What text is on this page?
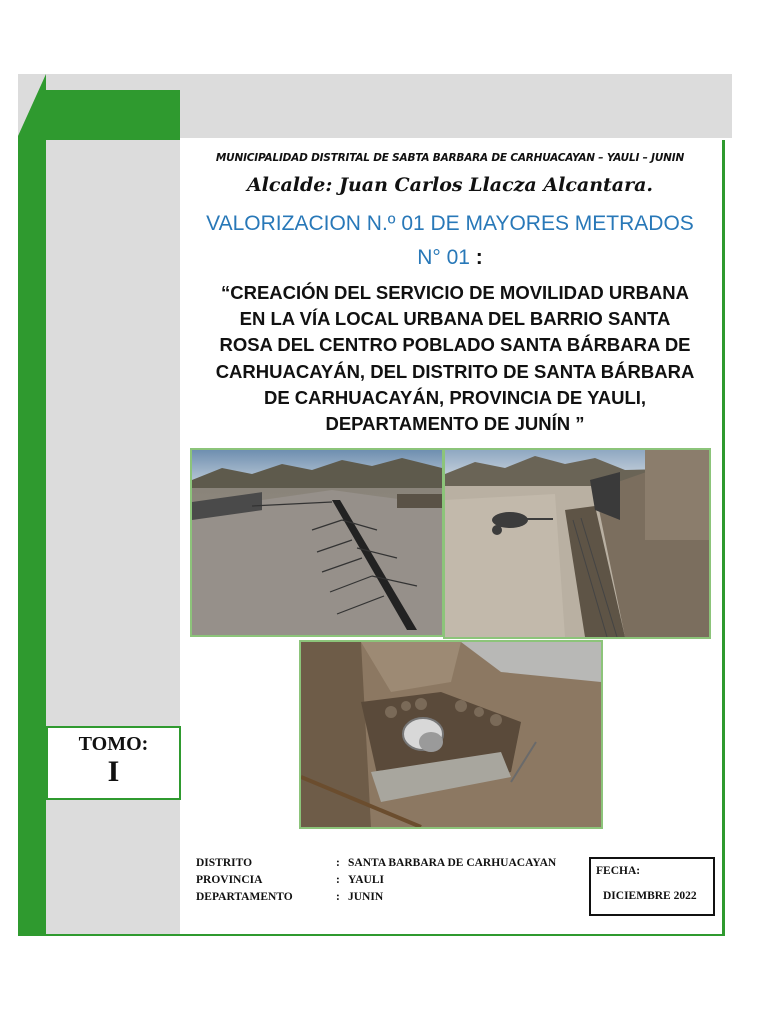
MUNICIPALIDAD DISTRITAL DE SABTA BARBARA DE CARHUACAYAN – YAULI – JUNIN
Alcalde: Juan Carlos Llacza Alcantara.
VALORIZACION N.º 01 DE MAYORES METRADOS
N° 01 :
“CREACIÓN DEL SERVICIO DE MOVILIDAD URBANA
EN LA VÍA LOCAL URBANA DEL BARRIO SANTA
ROSA DEL CENTRO POBLADO SANTA BÁRBARA DE
CARHUACAYÁN, DEL DISTRITO DE SANTA BÁRBARA
DE CARHUACAYÁN, PROVINCIA DE YAULI,
DEPARTAMENTO DE JUNÍN ”
TOMO:
I
DISTRITO	: SANTA BARBARA DE CARHUACAYAN
PROVINCIA	: YAULI
DEPARTAMENTO	: JUNIN
FECHA:
DICIEMBRE 2022
